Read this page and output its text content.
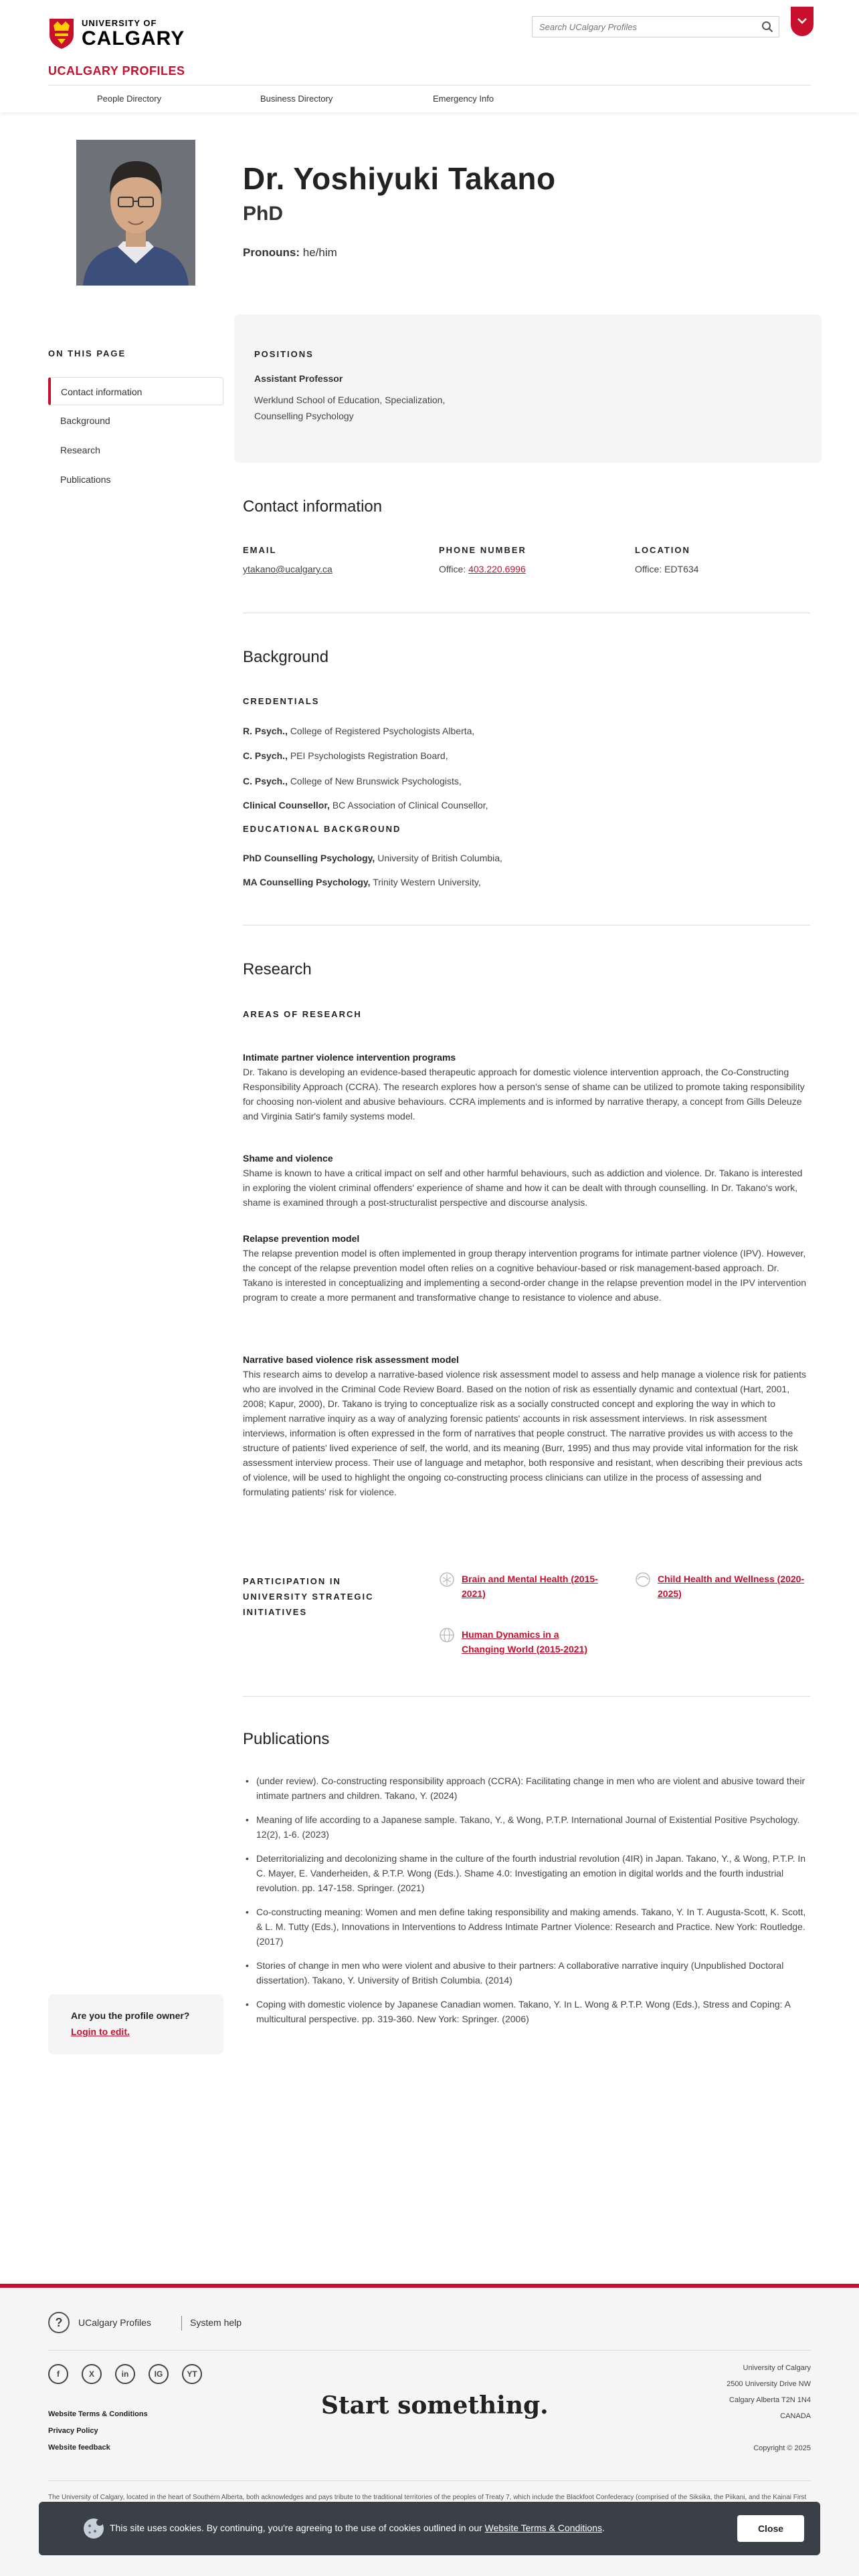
UNIVERSITY OF
CALGARY
UCALGARY PROFILES
Search UCalgary Profiles
People Directory	Business Directory	Emergency Info
Dr. Yoshiyuki Takano
PhD
Pronouns: he/him
ON THIS PAGE
Contact information
Background
Research
Publications
POSITIONS
Assistant Professor
Werklund School of Education, Specialization, Counselling Psychology
Contact information
EMAIL
ytakano@ucalgary.ca
PHONE NUMBER
Office: 403.220.6996
LOCATION
Office: EDT634
Background
CREDENTIALS
R. Psych., College of Registered Psychologists Alberta,
C. Psych., PEI Psychologists Registration Board,
C. Psych., College of New Brunswick Psychologists,
Clinical Counsellor, BC Association of Clinical Counsellor,
EDUCATIONAL BACKGROUND
PhD Counselling Psychology, University of British Columbia,
MA Counselling Psychology, Trinity Western University,
Research
AREAS OF RESEARCH
Intimate partner violence intervention programs

Dr. Takano is developing an evidence-based therapeutic approach for domestic violence intervention approach, the Co-Constructing Responsibility Approach (CCRA). The research explores how a person's sense of shame can be utilized to promote taking responsibility for choosing non-violent and abusive behaviours. CCRA implements and is informed by narrative therapy, a concept from Gills Deleuze and Virginia Satir's family systems model.

Shame and violence

Shame is known to have a critical impact on self and other harmful behaviours, such as addiction and violence. Dr. Takano is interested in exploring the violent criminal offenders' experience of shame and how it can be dealt with through counselling. In Dr. Takano's work, shame is examined through a post-structuralist perspective and discourse analysis.

Relapse prevention model

The relapse prevention model is often implemented in group therapy intervention programs for intimate partner violence (IPV). However, the concept of the relapse prevention model often relies on a cognitive behaviour-based or risk management-based approach. Dr. Takano is interested in conceptualizing and implementing a second-order change in the relapse prevention model in the IPV intervention program to create a more permanent and transformative change to resistance to violence and abuse.

Narrative based violence risk assessment model

This research aims to develop a narrative-based violence risk assessment model to assess and help manage a violence risk for patients who are involved in the Criminal Code Review Board. Based on the notion of risk as essentially dynamic and contextual (Hart, 2001, 2008; Kapur, 2000), Dr. Takano is trying to conceptualize risk as a socially constructed concept and exploring the way in which to implement narrative inquiry as a way of analyzing forensic patients' accounts in risk assessment interviews. In risk assessment interviews, information is often expressed in the form of narratives that people construct. The narrative provides us with access to the structure of patients' lived experience of self, the world, and its meaning (Burr, 1995) and thus may provide vital information for the risk assessment interview process. Their use of language and metaphor, both responsive and resistant, when describing their previous acts of violence, will be used to highlight the ongoing co-constructing process clinicians can utilize in the process of assessing and formulating patients' risk for violence.

PARTICIPATION IN UNIVERSITY STRATEGIC INITIATIVES
Brain and Mental Health (2015-2021)
Child Health and Wellness (2020-2025)
Human Dynamics in a Changing World (2015-2021)
Publications
• (under review). Co-constructing responsibility approach (CCRA): Facilitating change in men who are violent and abusive toward their intimate partners and children. Takano, Y. (2024)
• Meaning of life according to a Japanese sample. Takano, Y., & Wong, P.T.P. International Journal of Existential Positive Psychology. 12(2), 1-6. (2023)
• Deterritorializing and decolonizing shame in the culture of the fourth industrial revolution (4IR) in Japan. Takano, Y., & Wong, P.T.P. In C. Mayer, E. Vanderheiden, & P.T.P. Wong (Eds.). Shame 4.0: Investigating an emotion in digital worlds and the fourth industrial revolution. pp. 147-158. Springer. (2021)
• Co-constructing meaning: Women and men define taking responsibility and making amends. Takano, Y. In T. Augusta-Scott, K. Scott, & L. M. Tutty (Eds.), Innovations in Interventions to Address Intimate Partner Violence: Research and Practice. New York: Routledge. (2017)
• Stories of change in men who were violent and abusive to their partners: A collaborative narrative inquiry (Unpublished Doctoral dissertation). Takano, Y. University of British Columbia. (2014)
• Coping with domestic violence by Japanese Canadian women. Takano, Y. In L. Wong & P.T.P. Wong (Eds.), Stress and Coping: A multicultural perspective. pp. 319-360. New York: Springer. (2006)
Are you the profile owner?
Login to edit.
?	UCalgary Profiles	System help
f	X	in	IG	YT
Website Terms & Conditions
Privacy Policy
Website feedback
Start something.
University of Calgary
2500 University Drive NW
Calgary Alberta T2N 1N4
CANADA
Copyright © 2025
The University of Calgary, located in the heart of Southern Alberta, both acknowledges and pays tribute to the traditional territories of the peoples of Treaty 7, which include the Blackfoot Confederacy (comprised of the Siksika, the Piikani, and the Kainai First
This site uses cookies. By continuing, you're agreeing to the use of cookies outlined in our Website Terms & Conditions.	Close
